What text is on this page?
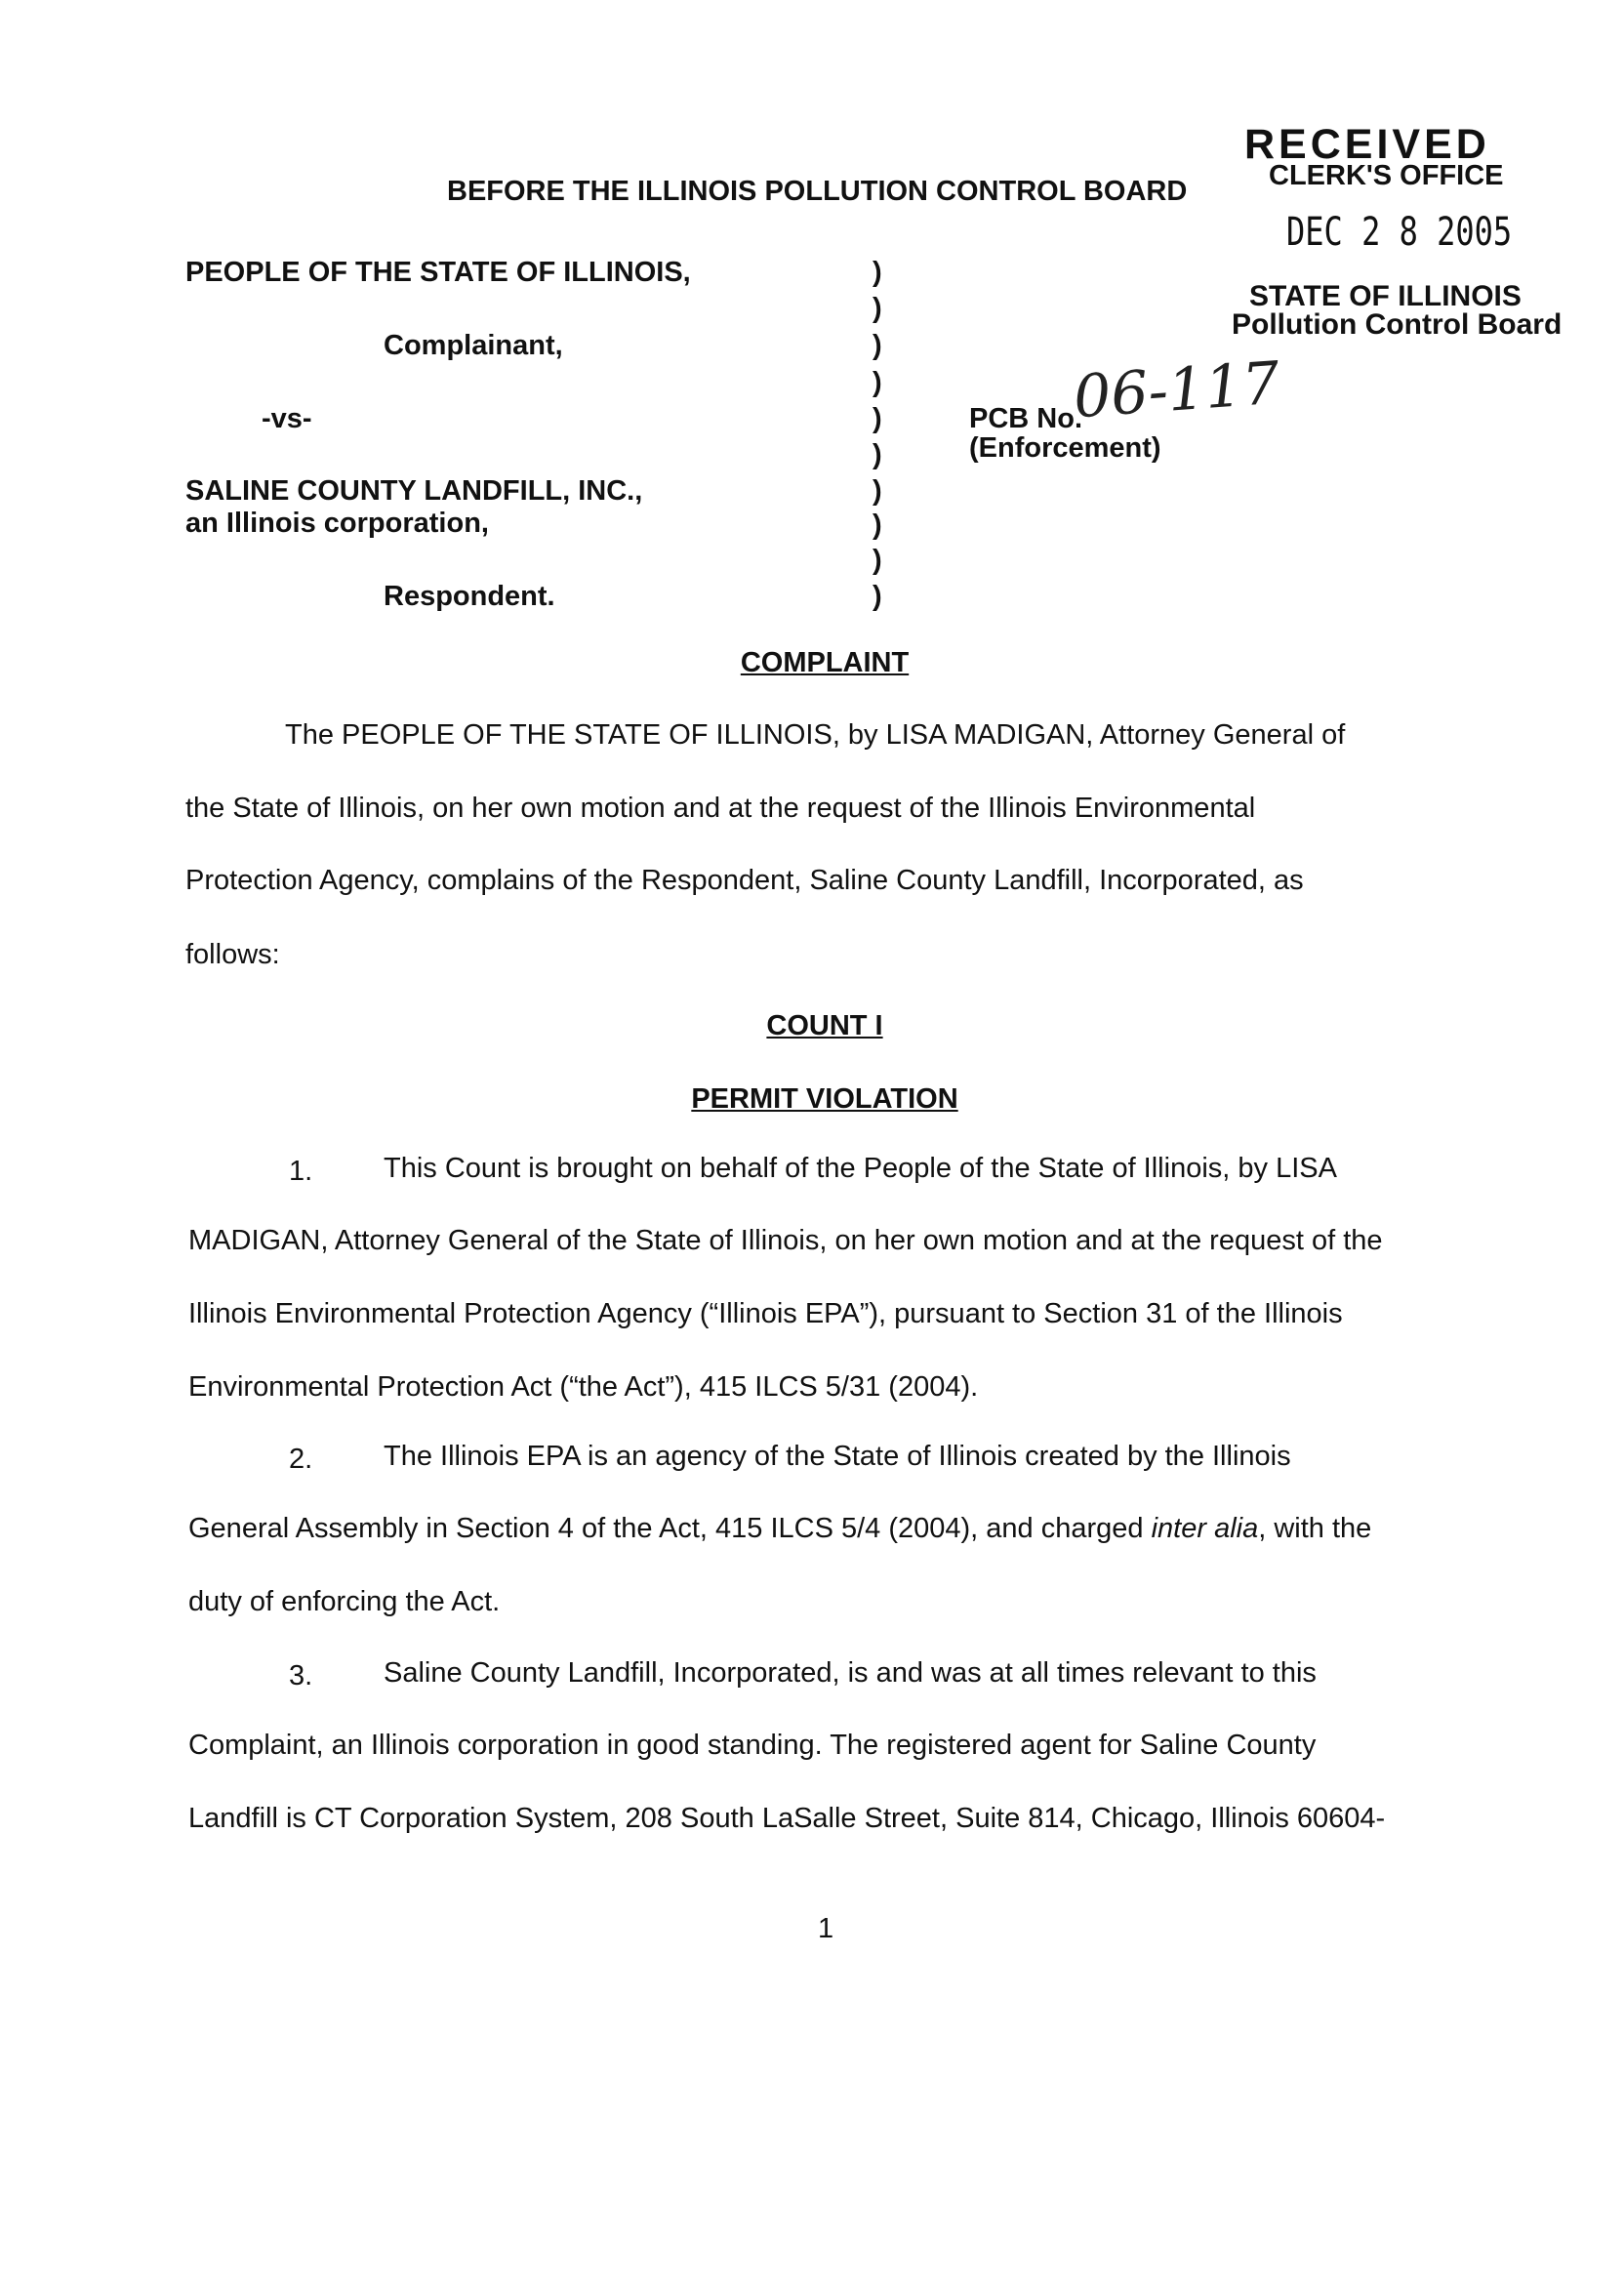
RECEIVED
CLERK'S OFFICE
DEC 2 8 2005
STATE OF ILLINOIS
Pollution Control Board
BEFORE THE ILLINOIS POLLUTION CONTROL BOARD
PEOPLE OF THE STATE OF ILLINOIS,
Complainant,
-vs-
SALINE COUNTY LANDFILL, INC.,
an Illinois corporation,
Respondent.
)
)
)
)
)
)
)
)
)
)
PCB No.
06-117
(Enforcement)
COMPLAINT
COUNT I
PERMIT VIOLATION
The PEOPLE OF THE STATE OF ILLINOIS, by LISA MADIGAN, Attorney General of
the State of Illinois, on her own motion and at the request of the Illinois Environmental
Protection Agency, complains of the Respondent, Saline County Landfill, Incorporated, as
follows:
1.	This Count is brought on behalf of the People of the State of Illinois, by LISA
MADIGAN, Attorney General of the State of Illinois, on her own motion and at the request of the
Illinois Environmental Protection Agency (“Illinois EPA”), pursuant to Section 31 of the Illinois
Environmental Protection Act (“the Act”), 415 ILCS 5/31 (2004).
2.	The Illinois EPA is an agency of the State of Illinois created by the Illinois
General Assembly in Section 4 of the Act, 415 ILCS 5/4 (2004), and charged inter alia, with the
duty of enforcing the Act.
3.	Saline County Landfill, Incorporated, is and was at all times relevant to this
Complaint, an Illinois corporation in good standing. The registered agent for Saline County
Landfill is CT Corporation System, 208 South LaSalle Street, Suite 814, Chicago, Illinois 60604-
1
